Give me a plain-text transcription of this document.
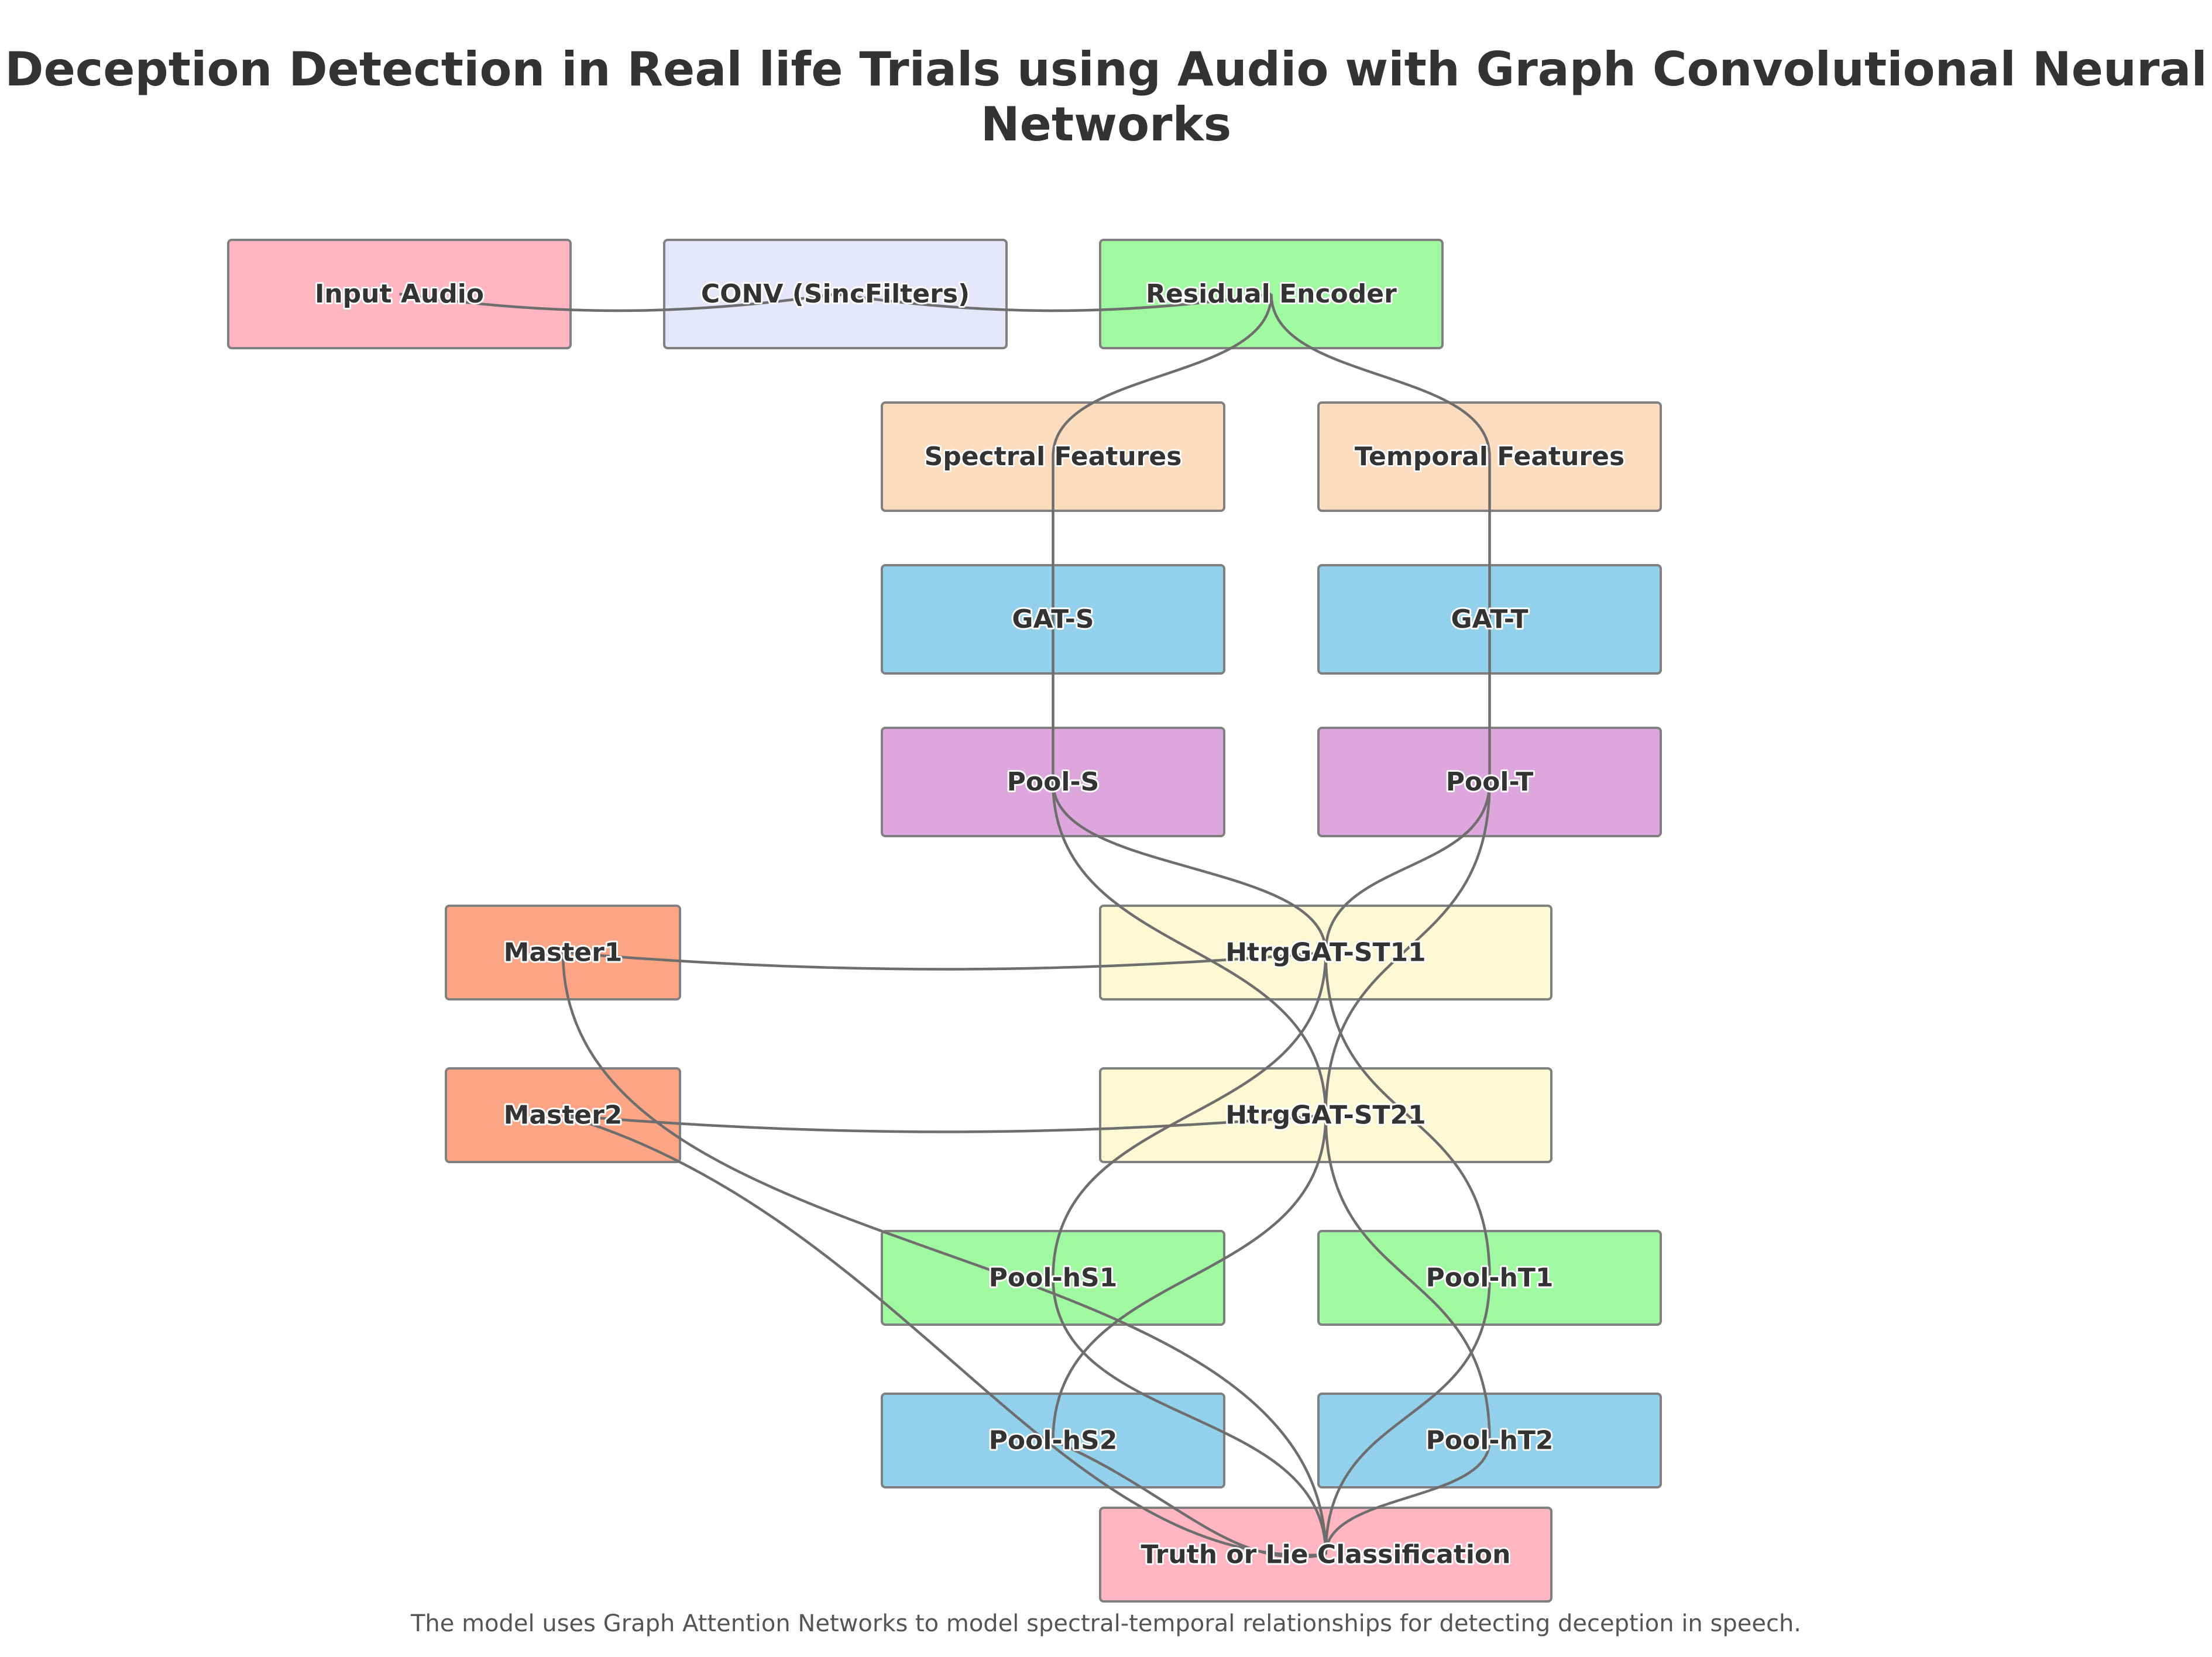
Deception Detection in Real life Trials using Audio with Graph Convolutional Neural Networks
Input Audio	CONV (SincFilters)	Residual Encoder
Spectral Features	Temporal Features
GAT-S	GAT-T
Pool-S	Pool-T
Master1	HtrgGAT-ST11
Master2	HtrgGAT-ST21
Pool-hS1	Pool-hT1
Pool-hS2	Pool-hT2
Truth or Lie Classification

The model uses Graph Attention Networks to model spectral-temporal relationships for detecting deception in speech.
